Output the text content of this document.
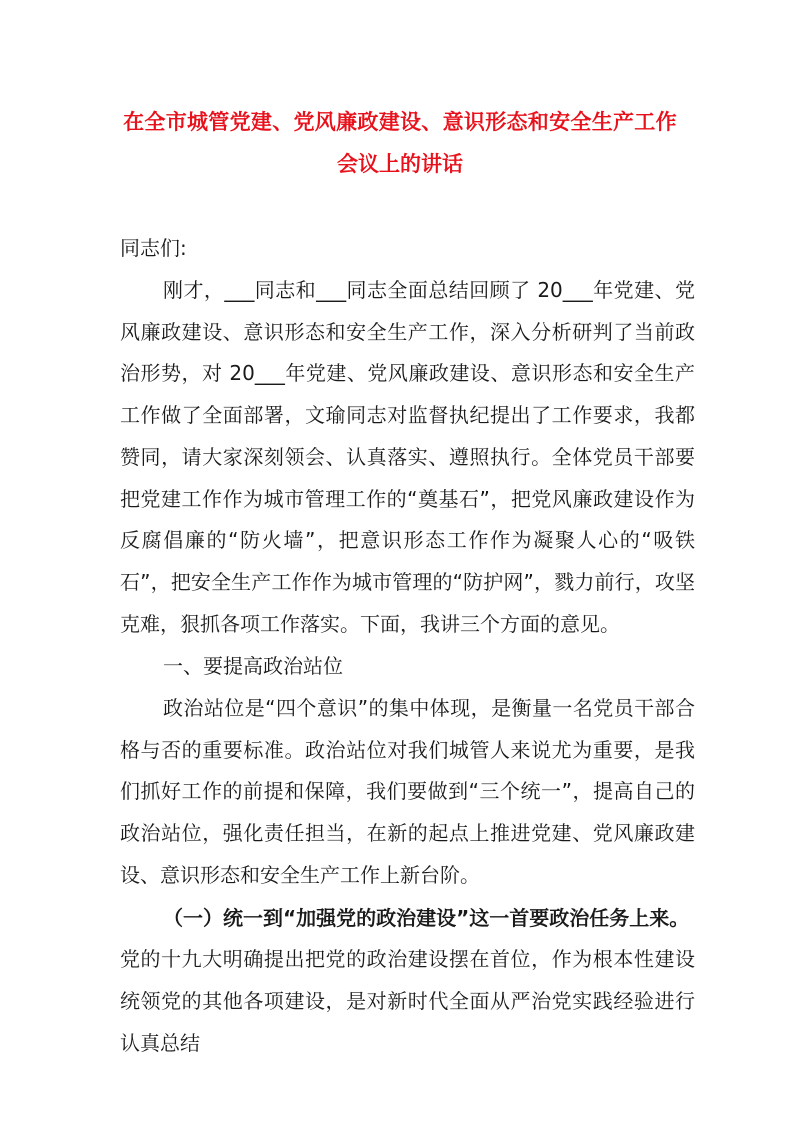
在全市城管党建、党风廉政建设、意识形态和安全生产工作
会议上的讲话
同志们:
刚才，___同志和___同志全面总结回顾了 20___年党建、党风廉政建设、意识形态和安全生产工作，深入分析研判了当前政治形势，对 20___年党建、党风廉政建设、意识形态和安全生产工作做了全面部署，文瑜同志对监督执纪提出了工作要求，我都赞同，请大家深刻领会、认真落实、遵照执行。全体党员干部要把党建工作作为城市管理工作的“奠基石”，把党风廉政建设作为反腐倡廉的“防火墙”，把意识形态工作作为凝聚人心的“吸铁石”，把安全生产工作作为城市管理的“防护网”，戮力前行，攻坚克难，狠抓各项工作落实。下面，我讲三个方面的意见。
一、要提高政治站位
政治站位是“四个意识”的集中体现，是衡量一名党员干部合格与否的重要标准。政治站位对我们城管人来说尤为重要，是我们抓好工作的前提和保障，我们要做到“三个统一”，提高自己的政治站位，强化责任担当，在新的起点上推进党建、党风廉政建设、意识形态和安全生产工作上新台阶。
（一）统一到“加强党的政治建设”这一首要政治任务上来。
党的十九大明确提出把党的政治建设摆在首位，作为根本性建设统领党的其他各项建设，是对新时代全面从严治党实践经验进行认真总结
